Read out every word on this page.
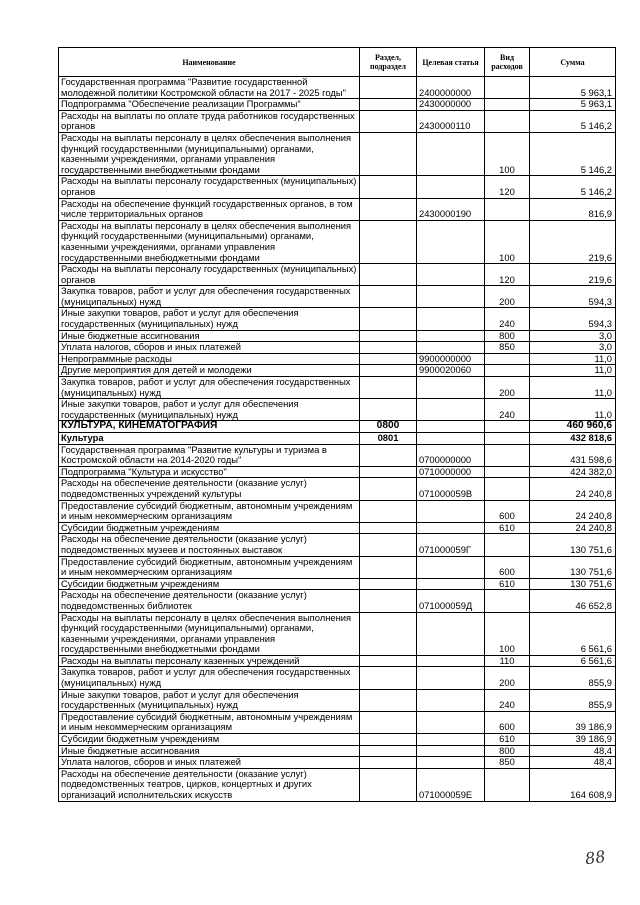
Наименование	Раздел, подраздел	Целевая статья	Вид расходов	Сумма
Государственная программа "Развитие государственной молодежной политики Костромской области на 2017 - 2025 годы"		2400000000		5 963,1
Подпрограмма "Обеспечение реализации Программы"		2430000000		5 963,1
Расходы на выплаты по оплате труда работников государственных органов		2430000110		5 146,2
Расходы на выплаты персоналу в целях обеспечения выполнения функций государственными (муниципальными) органами, казенными учреждениями, органами управления государственными внебюджетными фондами			100	5 146,2
Расходы на выплаты персоналу государственных (муниципальных) органов			120	5 146,2
Расходы на обеспечение функций государственных органов, в том числе территориальных органов		2430000190		816,9
Расходы на выплаты персоналу в целях обеспечения выполнения функций государственными (муниципальными) органами, казенными учреждениями, органами управления государственными внебюджетными фондами			100	219,6
Расходы на выплаты персоналу государственных (муниципальных) органов			120	219,6
Закупка товаров, работ и услуг для обеспечения государственных (муниципальных) нужд			200	594,3
Иные закупки товаров, работ и услуг для обеспечения государственных (муниципальных) нужд			240	594,3
Иные бюджетные ассигнования			800	3,0
Уплата налогов, сборов и иных платежей			850	3,0
Непрограммные расходы		9900000000		11,0
Другие мероприятия для детей и молодежи		9900020060		11,0
Закупка товаров, работ и услуг для обеспечения государственных (муниципальных) нужд			200	11,0
Иные закупки товаров, работ и услуг для обеспечения государственных (муниципальных) нужд			240	11,0
КУЛЬТУРА, КИНЕМАТОГРАФИЯ	0800			460 960,6
Культура	0801			432 818,6
Государственная программа "Развитие культуры и туризма в Костромской области на 2014-2020 годы"		0700000000		431 598,6
Подпрограмма "Культура и искусство"		0710000000		424 382,0
Расходы на обеспечение деятельности (оказание услуг) подведомственных учреждений культуры		071000059В		24 240,8
Предоставление субсидий бюджетным, автономным учреждениям и иным некоммерческим организациям			600	24 240,8
Субсидии бюджетным учреждениям			610	24 240,8
Расходы на обеспечение деятельности (оказание услуг) подведомственных музеев и постоянных выставок		071000059Г		130 751,6
Предоставление субсидий бюджетным, автономным учреждениям и иным некоммерческим организациям			600	130 751,6
Субсидии бюджетным учреждениям			610	130 751,6
Расходы на обеспечение деятельности (оказание услуг) подведомственных библиотек		071000059Д		46 652,8
Расходы на выплаты персоналу в целях обеспечения выполнения функций государственными (муниципальными) органами, казенными учреждениями, органами управления государственными внебюджетными фондами			100	6 561,6
Расходы на выплаты персоналу казенных учреждений			110	6 561,6
Закупка товаров, работ и услуг для обеспечения государственных (муниципальных) нужд			200	855,9
Иные закупки товаров, работ и услуг для обеспечения государственных (муниципальных) нужд			240	855,9
Предоставление субсидий бюджетным, автономным учреждениям и иным некоммерческим организациям			600	39 186,9
Субсидии бюджетным учреждениям			610	39 186,9
Иные бюджетные ассигнования			800	48,4
Уплата налогов, сборов и иных платежей			850	48,4
Расходы на обеспечение деятельности (оказание услуг) подведомственных театров, цирков, концертных и других организаций исполнительских искусств		071000059Е		164 608,9
88
